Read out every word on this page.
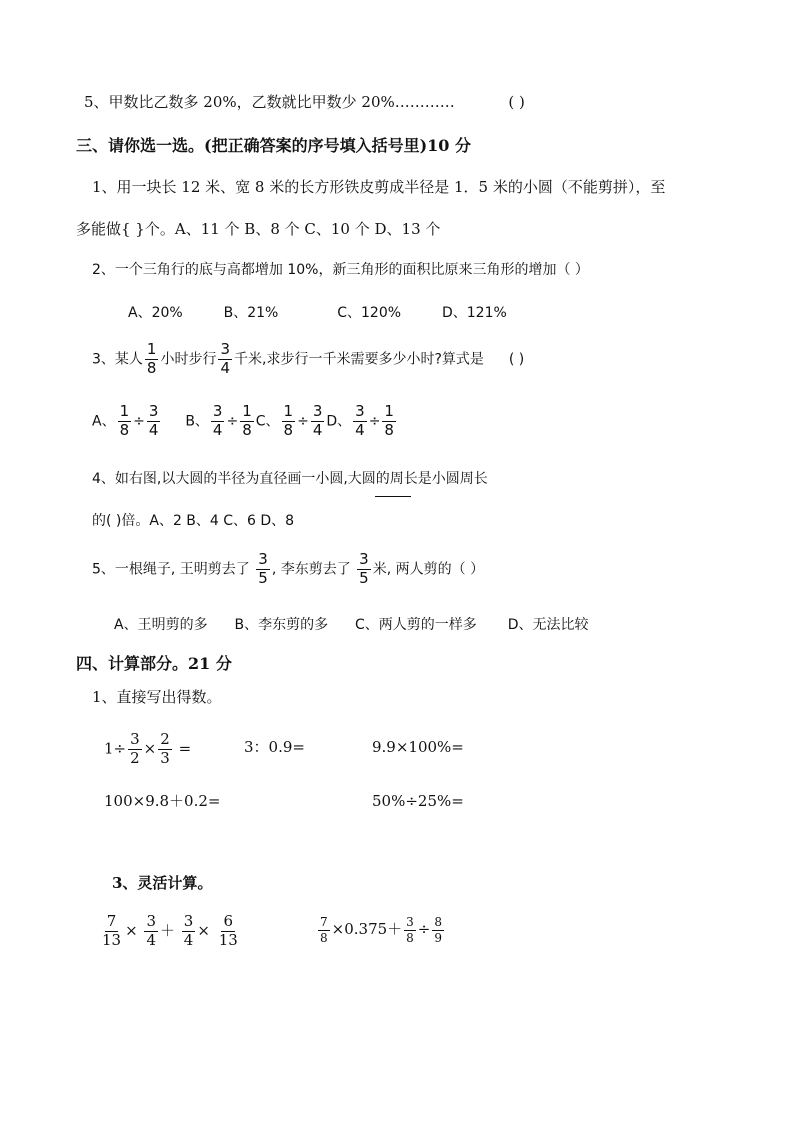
5、甲数比乙数多 20%，乙数就比甲数少 20%…………	( )
三、请你选一选。(把正确答案的序号填入括号里)10 分
1、用一块长 12 米、宽 8 米的长方形铁皮剪成半径是 1．5 米的小圆（不能剪拼），至
多能做{ }个。A、11 个 B、8 个 C、10 个 D、13 个
2、一个三角行的底与高都增加 10%，新三角形的面积比原来三角形的增加（ ）
A、20%	B、21%	C、120%	D、121%
3、某人 $\frac{1}{8}$ 小时步行 $\frac{3}{4}$ 千米,求步行一千米需要多少小时?算式是 ( )
A、 $\frac{1}{8} \div \frac{3}{4}$ B、 $\frac{3}{4} \div \frac{1}{8}$ C、 $\frac{1}{8} \div \frac{3}{4}$ D、 $\frac{3}{4} \div \frac{1}{8}$
4、如右图,以大圆的半径为直径画一小圆,大圆的周长是小圆周长
的( )倍。A、2 B、4 C、6 D、8
5、一根绳子, 王明剪去了 $\frac{3}{5}$ , 李东剪去了 $\frac{3}{5}$ 米, 两人剪的（ ）
A、王明剪的多 B、李东剪的多 C、两人剪的一样多 D、无法比较
四、计算部分。21 分
1、直接写出得数。
$1\div \frac{3}{2} \times \frac{2}{3}$ =	3：0.9=	9.9×100%=
100×9.8＋0.2=	50%÷25%=
3、灵活计算。
$\frac{7}{13} \times \frac{3}{4} + \frac{3}{4} \times \frac{6}{13}$	$\frac{7}{8} \times 0.375+ \frac{3}{8} \div \frac{8}{9}$
